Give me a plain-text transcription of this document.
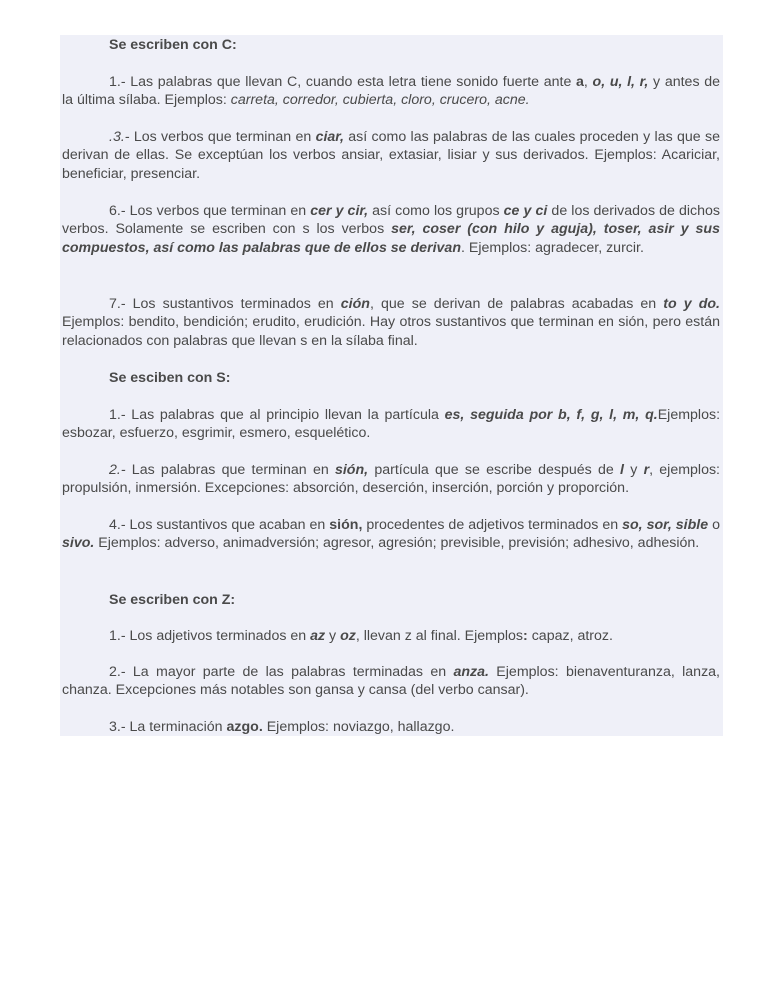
Se escriben con C:

1.- Las palabras que llevan C, cuando esta letra tiene sonido fuerte ante a, o, u, l, r, y antes de la última sílaba. Ejemplos: carreta, corredor, cubierta, cloro, crucero, acne.

.3.- Los verbos que terminan en ciar, así como las palabras de las cuales proceden y las que se derivan de ellas. Se exceptúan los verbos ansiar, extasiar, lisiar y sus derivados. Ejemplos: Acariciar, beneficiar, presenciar.

6.- Los verbos que terminan en cer y cir, así como los grupos ce y ci de los derivados de dichos verbos. Solamente se escriben con s los verbos ser, coser (con hilo y aguja), toser, asir y sus compuestos, así como las palabras que de ellos se derivan. Ejemplos: agradecer, zurcir.

7.- Los sustantivos terminados en ción, que se derivan de palabras acabadas en to y do. Ejemplos: bendito, bendición; erudito, erudición. Hay otros sustantivos que terminan en sión, pero están relacionados con palabras que llevan s en la sílaba final.

Se esciben con S:

1.- Las palabras que al principio llevan la partícula es, seguida por b, f, g, l, m, q.Ejemplos: esbozar, esfuerzo, esgrimir, esmero, esquelético.

2.- Las palabras que terminan en sión, partícula que se escribe después de l y r, ejemplos: propulsión, inmersión. Excepciones: absorción, deserción, inserción, porción y proporción.

4.- Los sustantivos que acaban en sión, procedentes de adjetivos terminados en so, sor, sible o sivo. Ejemplos: adverso, animadversión; agresor, agresión; previsible, previsión; adhesivo, adhesión.

Se escriben con Z:

1.- Los adjetivos terminados en az y oz, llevan z al final. Ejemplos: capaz, atroz.

2.- La mayor parte de las palabras terminadas en anza. Ejemplos: bienaventuranza, lanza, chanza. Excepciones más notables son gansa y cansa (del verbo cansar).

3.- La terminación azgo. Ejemplos: noviazgo, hallazgo.
